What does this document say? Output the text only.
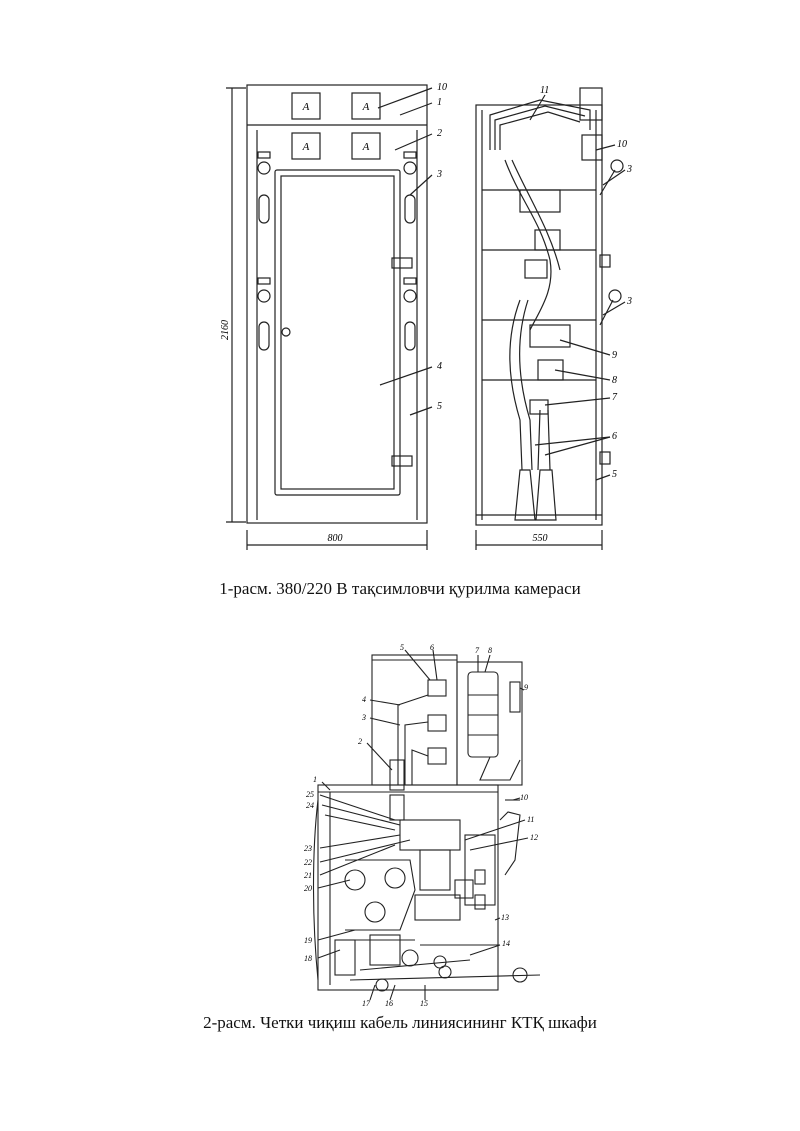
A	A
A	A
2160
800	550
10
1
2
3
4
5
11
10
3
3
9
8
7
6
5
1-расм. 380/220 В тақсимловчи қурилма камераси
1
2
3
4
5	6	7 8
9
10
11
12
13
14
15
16
17
18
19
20
21
22
23
24
25
2-расм. Четки чиқиш кабель линиясининг КТҚ шкафи
